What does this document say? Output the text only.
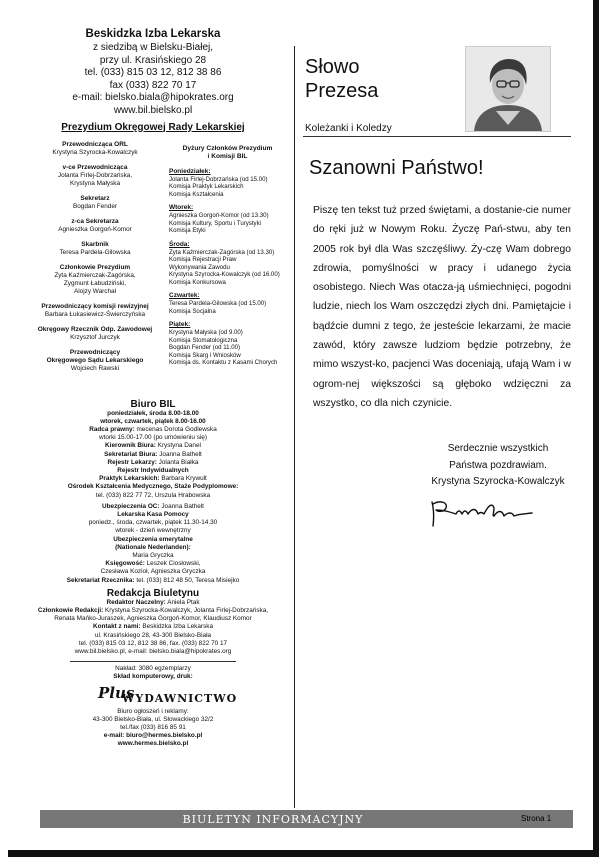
Beskidzka Izba Lekarska
z siedzibą w Bielsku-Białej,
przy ul. Krasińskiego 28
tel. (033) 815 03 12, 812 38 86
fax (033) 822 70 17
e-mail: bielsko.biala@hipokrates.org
www.bil.bielsko.pl
Prezydium Okręgowej Rady Lekarskiej
Przewodnicząca ORL
Krystyna Szyrocka-Kowalczyk
v-ce Przewodnicząca
Jolanta Firlej-Dobrzańska,
Krystyna Małyska
Sekretarz
Bogdan Fender
z-ca Sekretarza
Agnieszka Gorgoń-Komor
Skarbnik
Teresa Pardela-Gilowska
Członkowie Prezydium
Zyta Kaźmierczak-Zagórska,
Zygmunt Łabudziński,
Alojzy Warchał
Przewodniczący komisji rewizyjnej
Barbara Łukasiewicz-Świerczyńska
Okręgowy Rzecznik Odp. Zawodowej
Krzysztof Jurczyk
Przewodniczący
Okręgowego Sądu Lekarskiego
Wojciech Rawski
Dyżury Członków Prezydium
i Komisji BIL
Poniedziałek:
Jolanta Firlej-Dobrzańska (od 15.00)
Komisja Praktyk Lekarskich
Komisja Kształcenia
Wtorek:
Agnieszka Gorgoń-Komor (od 13.30)
Komisja Kultury, Sportu i Turystyki
Komisja Etyki
Środa:
Zyta Kaźmierczak-Zagórska (od 13.30)
Komisja Rejestracji Praw
Wykonywania Zawodu
Krystyna Szyrocka-Kowalczyk (od 16.00)
Komisja Konkursowa
Czwartek:
Teresa Pardela-Gilowska (od 15.00)
Komisja Socjalna
Piątek:
Krystyna Małyska (od 9.00)
Komisja Stomatologiczna
Bogdan Fender (od 11.00)
Komisja Skarg i Wniosków
Komisja ds. Kontaktu z Kasami Chorych
Biuro BIL
poniedziałek, środa 8.00-18.00
wtorek, czwartek, piątek 8.00-16.00
Radca prawny: mecenas Dorota Godlewska
wtorki 15.00-17.00 (po umówieniu się)
Kierownik Biura: Krystyna Danel
Sekretariat Biura: Joanna Bathelt
Rejestr Lekarzy: Jolanta Białka
Rejestr Indywidualnych
Praktyk Lekarskich: Barbara Krywult
Ośrodek Kształcenia Medycznego, Staże Podyplomowe:
tel. (033) 822 77 72, Urszula Hrabowska
Ubezpieczenia OC: Joanna Bathelt
Lekarska Kasa Pomocy
poniedz., środa, czwartek, piątek 11.30-14.30
wtorek - dzień wewnętrzny
Ubezpieczenia emerytalne
(Nationale Nederlanden):
Maria Gryczka
Księgowość: Leszek Ciosłowski,
Czesława Kozioł, Agnieszka Gryczka
Sekretariat Rzecznika: tel. (033) 812 48 50, Teresa Misiejko
Redakcja Biuletynu
Redaktor Naczelny: Aniela Ptak
Członkowie Redakcji: Krystyna Szyrocka-Kowalczyk, Jolanta Firlej-Dobrzańska,
Renata Mańko-Juraszek, Agnieszka Gorgoń-Komor, Klaudiusz Komor
Kontakt z nami: Beskidzka Izba Lekarska
ul. Krasińskiego 28, 43-300 Bielsko-Biała
tel. (033) 815 03 12, 812 38 86, fax. (033) 822 70 17
www.bil.bielsko.pl, e-mail: bielsko.biala@hipokrates.org
Nakład: 3080 egzemplarzy
Skład komputerowy, druk:
Plus
WYDAWNICTWO
Biuro ogłoszeń i reklamy:
43-300 Bielsko-Biała, ul. Słowackiego 32/2
tel./fax (033) 816 85 91
e-mail: biuro@hermes.bielsko.pl
www.hermes.bielsko.pl
Słowo
Prezesa
Koleżanki i Koledzy
Szanowni Państwo!

Piszę ten tekst tuż przed świętami, a dostanie-cie numer do ręki już w Nowym Roku. Życzę Pań-stwu, aby ten 2005 rok był dla Was szczęśliwy. Ży-czę Wam dobrego zdrowia, pomyślności w pracy i udanego życia osobistego. Niech Was otacza-ją uśmiechnięci, pogodni ludzie, niech los Wam oszczędzi złych dni. Pamiętajcie i bądźcie dumni z tego, że jesteście lekarzami, że macie zawód, który zawsze ludziom będzie potrzebny, że mimo wszyst-ko, pacjenci Was doceniają, ufają Wam i w ogrom-nej większości są głęboko wdzięczni za wszystko, co dla nich czynicie.

Serdecznie wszystkich
Państwa pozdrawiam.
Krystyna Szyrocka-Kowalczyk
BIULETYN INFORMACYJNY	Strona 1
